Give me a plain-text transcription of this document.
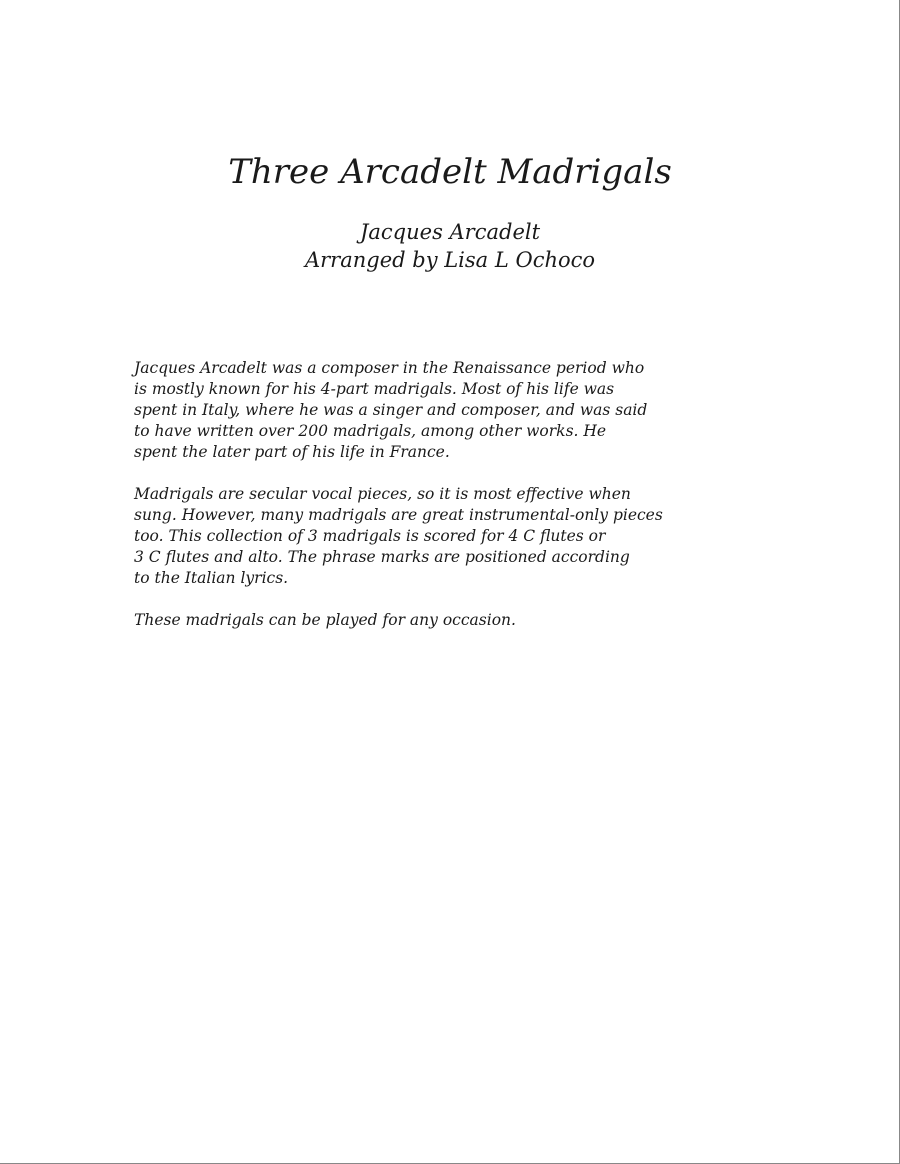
Three Arcadelt Madrigals
Jacques Arcadelt
Arranged by Lisa L Ochoco

Jacques Arcadelt was a composer in the Renaissance period who
is mostly known for his 4-part madrigals. Most of his life was
spent in Italy, where he was a singer and composer, and was said
to have written over 200 madrigals, among other works. He
spent the later part of his life in France.

Madrigals are secular vocal pieces, so it is most effective when
sung. However, many madrigals are great instrumental-only pieces
too. This collection of 3 madrigals is scored for 4 C flutes or
3 C flutes and alto. The phrase marks are positioned according
to the Italian lyrics.

These madrigals can be played for any occasion.
